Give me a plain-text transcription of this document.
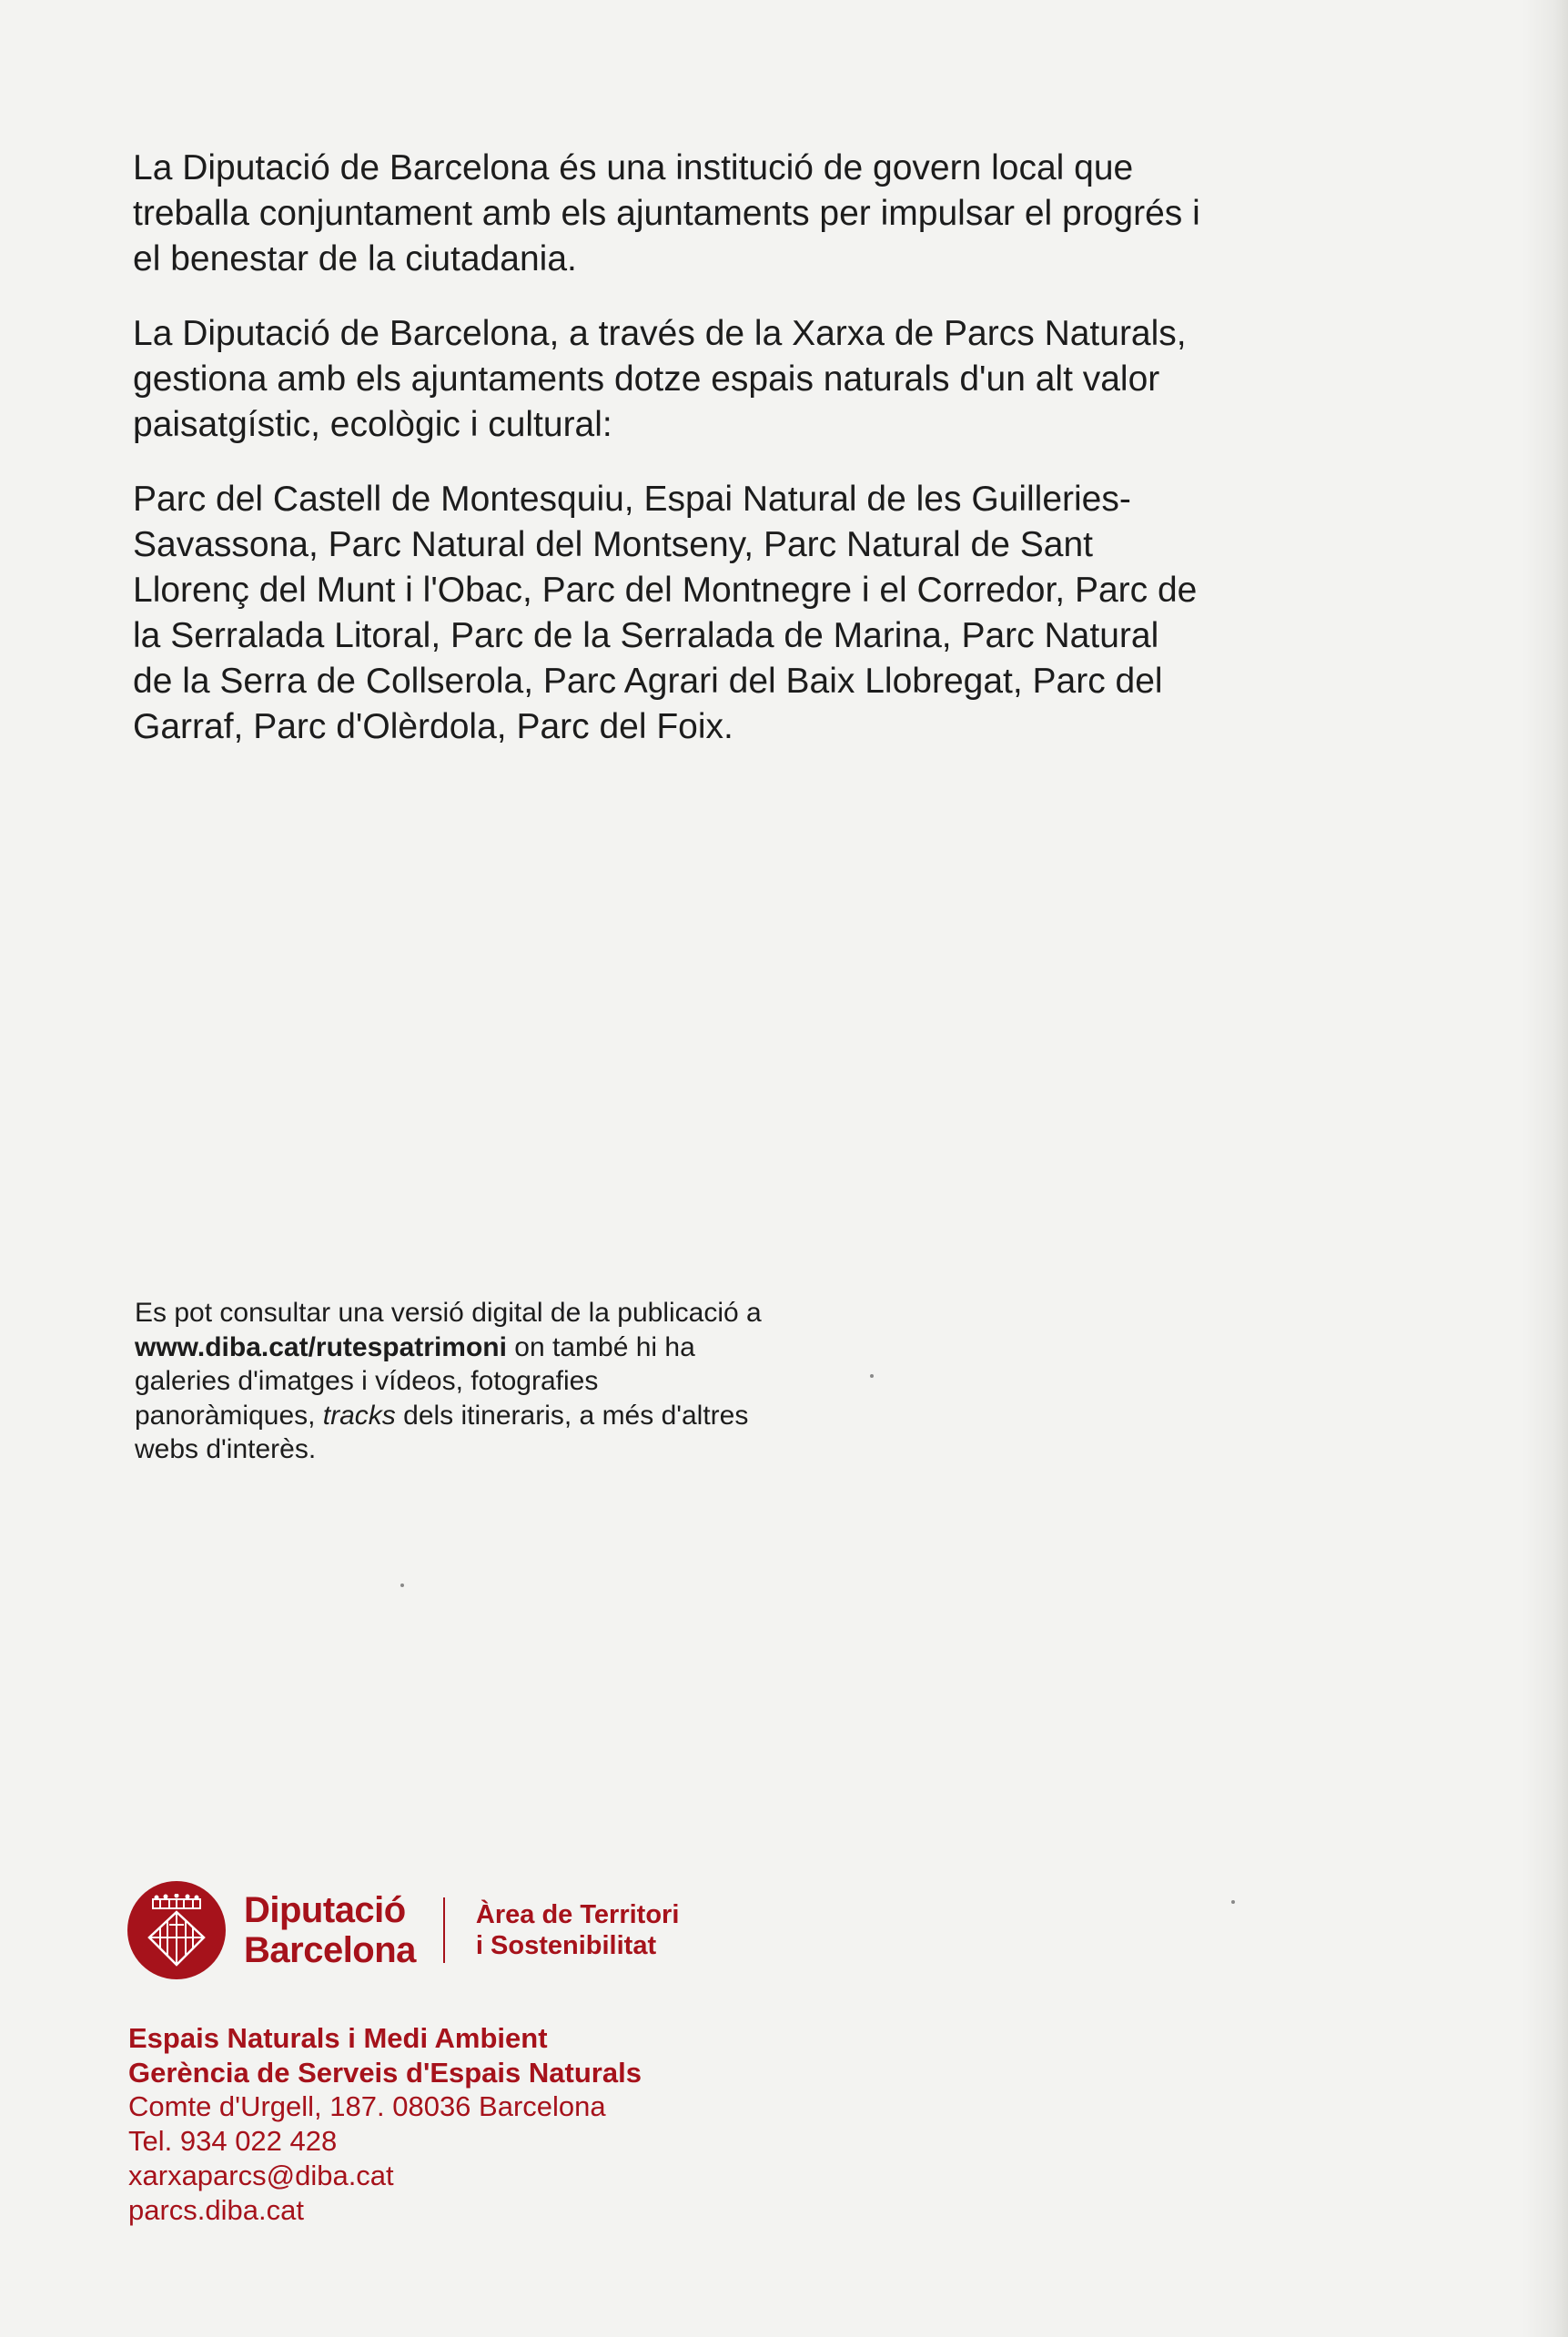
La Diputació de Barcelona és una institució de govern local que treballa conjuntament amb els ajuntaments per impulsar el progrés i el benestar de la ciutadania.

La Diputació de Barcelona, a través de la Xarxa de Parcs Naturals, gestiona amb els ajuntaments dotze espais naturals d'un alt valor paisatgístic, ecològic i cultural:

Parc del Castell de Montesquiu, Espai Natural de les Guilleries-Savassona, Parc Natural del Montseny, Parc Natural de Sant Llorenç del Munt i l'Obac, Parc del Montnegre i el Corredor, Parc de la Serralada Litoral, Parc de la Serralada de Marina, Parc Natural de la Serra de Collserola, Parc Agrari del Baix Llobregat, Parc del Garraf, Parc d'Olèrdola, Parc del Foix.

Es pot consultar una versió digital de la publicació a www.diba.cat/rutespatrimoni on també hi ha galeries d'imatges i vídeos, fotografies panoràmiques, tracks dels itineraris, a més d'altres webs d'interès.
Diputació
Barcelona
Àrea de Territori
i Sostenibilitat
Espais Naturals i Medi Ambient
Gerència de Serveis d'Espais Naturals
Comte d'Urgell, 187. 08036 Barcelona
Tel. 934 022 428
xarxaparcs@diba.cat
parcs.diba.cat
